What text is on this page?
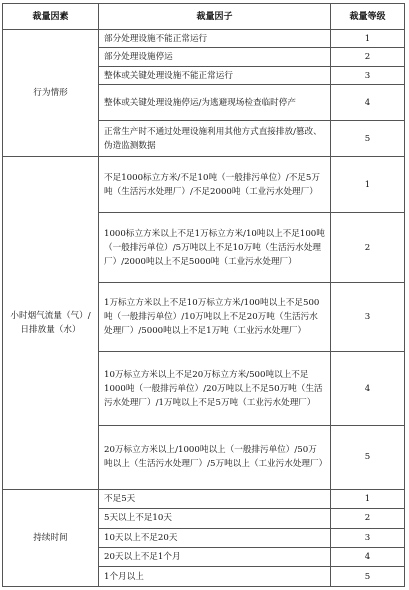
裁量因素	裁量因子	裁量等级
行为情形	部分处理设施不能正常运行	1
	部分处理设施停运	2
	整体或关键处理设施不能正常运行	3
	整体或关键处理设施停运/为逃避现场检查临时停产	4
	正常生产时不通过处理设施利用其他方式直接排放/篡改、伪造监测数据	5
小时烟气流量（气）/日排放量（水）	不足1000标立方米/不足10吨（一般排污单位）/不足5万吨（生活污水处理厂）/不足2000吨（工业污水处理厂）	1
	1000标立方米以上不足1万标立方米/10吨以上不足100吨（一般排污单位）/5万吨以上不足10万吨（生活污水处理厂）/2000吨以上不足5000吨（工业污水处理厂）	2
	1万标立方米以上不足10万标立方米/100吨以上不足500吨（一般排污单位）/10万吨以上不足20万吨（生活污水处理厂）/5000吨以上不足1万吨（工业污水处理厂）	3
	10万标立方米以上不足20万标立方米/500吨以上不足1000吨（一般排污单位）/20万吨以上不足50万吨（生活污水处理厂）/1万吨以上不足5万吨（工业污水处理厂）	4
	20万标立方米以上/1000吨以上（一般排污单位）/50万吨以上（生活污水处理厂）/5万吨以上（工业污水处理厂）	5
持续时间	不足5天	1
	5天以上不足10天	2
	10天以上不足20天	3
	20天以上不足1个月	4
	1个月以上	5
